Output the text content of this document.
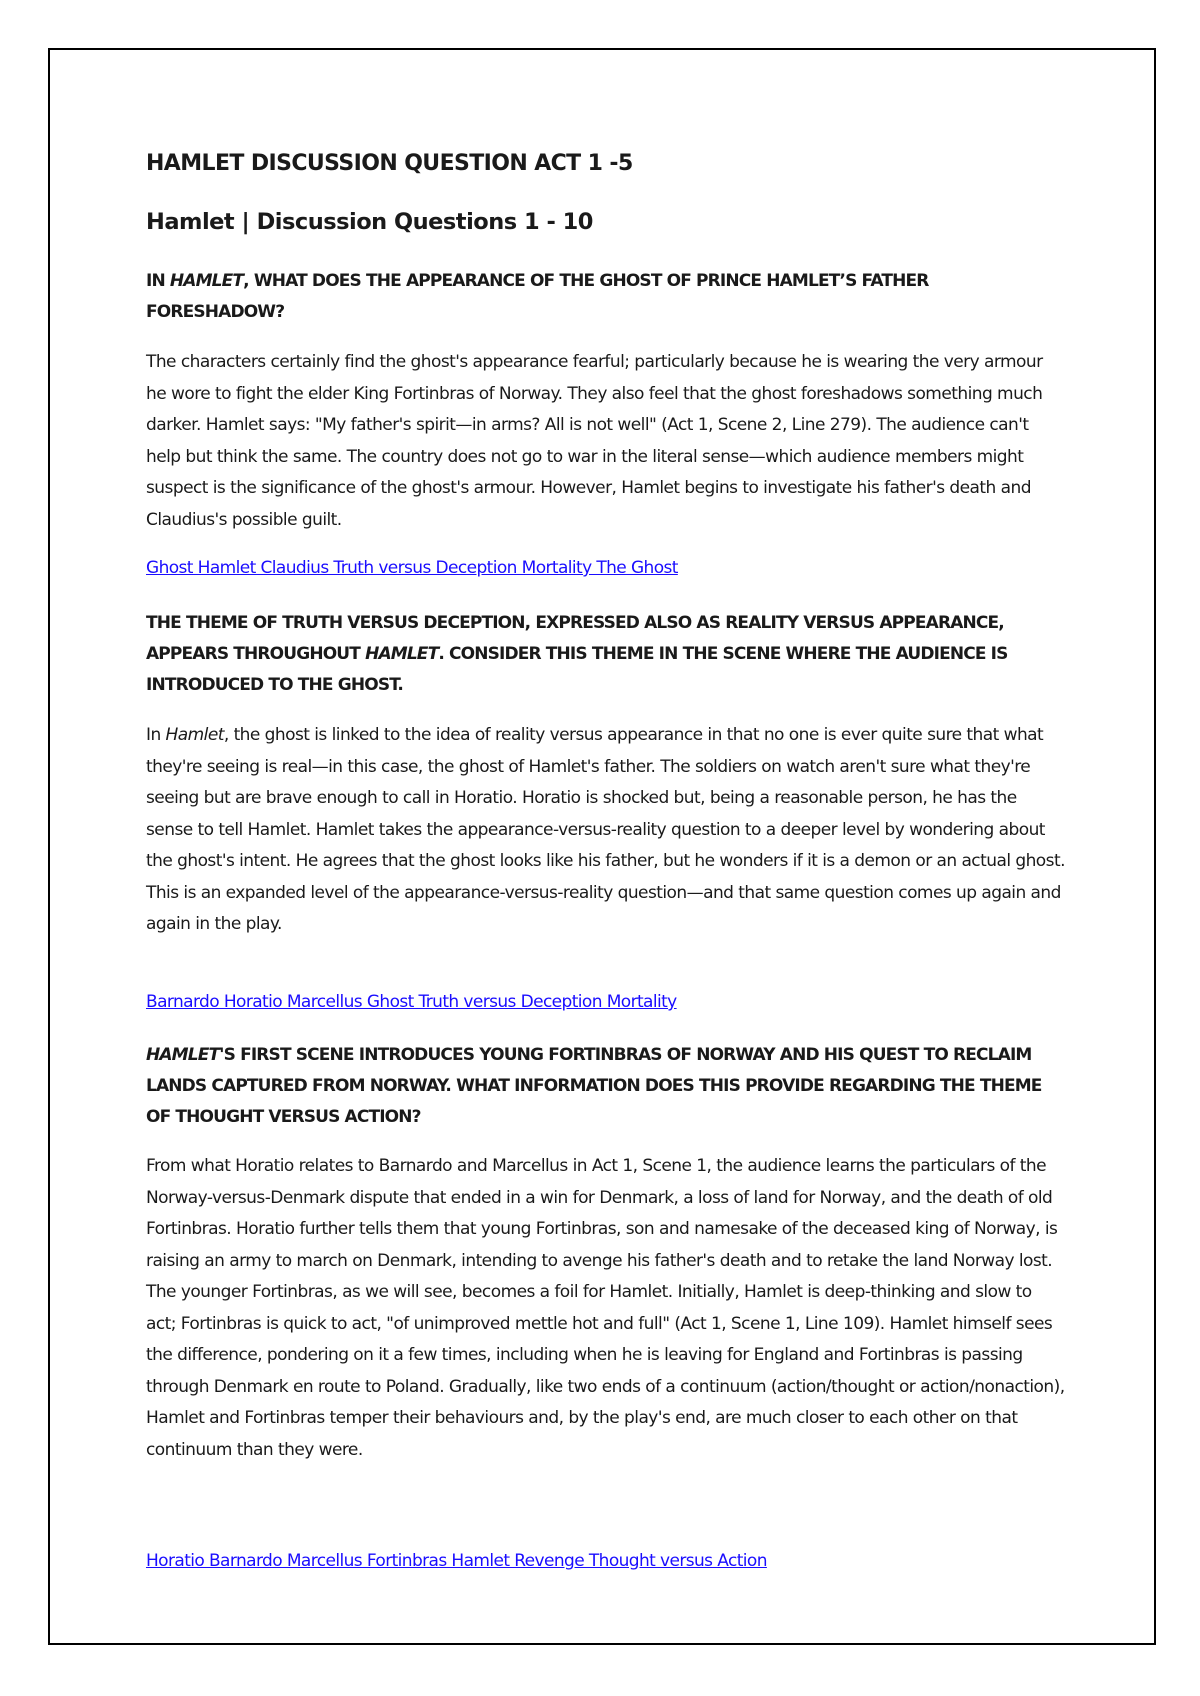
HAMLET DISCUSSION QUESTION ACT 1 -5
Hamlet | Discussion Questions 1 - 10

IN HAMLET, WHAT DOES THE APPEARANCE OF THE GHOST OF PRINCE HAMLET’S FATHER FORESHADOW?

The characters certainly find the ghost's appearance fearful; particularly because he is wearing the very armour he wore to fight the elder King Fortinbras of Norway. They also feel that the ghost foreshadows something much darker. Hamlet says: "My father's spirit—in arms? All is not well" (Act 1, Scene 2, Line 279). The audience can't help but think the same. The country does not go to war in the literal sense—which audience members might suspect is the significance of the ghost's armour. However, Hamlet begins to investigate his father's death and Claudius's possible guilt.

Ghost Hamlet Claudius Truth versus Deception Mortality The Ghost

THE THEME OF TRUTH VERSUS DECEPTION, EXPRESSED ALSO AS REALITY VERSUS APPEARANCE, APPEARS THROUGHOUT HAMLET. CONSIDER THIS THEME IN THE SCENE WHERE THE AUDIENCE IS INTRODUCED TO THE GHOST.

In Hamlet, the ghost is linked to the idea of reality versus appearance in that no one is ever quite sure that what they're seeing is real—in this case, the ghost of Hamlet's father. The soldiers on watch aren't sure what they're seeing but are brave enough to call in Horatio. Horatio is shocked but, being a reasonable person, he has the sense to tell Hamlet. Hamlet takes the appearance-versus-reality question to a deeper level by wondering about the ghost's intent. He agrees that the ghost looks like his father, but he wonders if it is a demon or an actual ghost. This is an expanded level of the appearance-versus-reality question—and that same question comes up again and again in the play.

Barnardo Horatio Marcellus Ghost Truth versus Deception Mortality

HAMLET'S FIRST SCENE INTRODUCES YOUNG FORTINBRAS OF NORWAY AND HIS QUEST TO RECLAIM LANDS CAPTURED FROM NORWAY. WHAT INFORMATION DOES THIS PROVIDE REGARDING THE THEME OF THOUGHT VERSUS ACTION?

From what Horatio relates to Barnardo and Marcellus in Act 1, Scene 1, the audience learns the particulars of the Norway-versus-Denmark dispute that ended in a win for Denmark, a loss of land for Norway, and the death of old Fortinbras. Horatio further tells them that young Fortinbras, son and namesake of the deceased king of Norway, is raising an army to march on Denmark, intending to avenge his father's death and to retake the land Norway lost. The younger Fortinbras, as we will see, becomes a foil for Hamlet. Initially, Hamlet is deep-thinking and slow to act; Fortinbras is quick to act, "of unimproved mettle hot and full" (Act 1, Scene 1, Line 109). Hamlet himself sees the difference, pondering on it a few times, including when he is leaving for England and Fortinbras is passing through Denmark en route to Poland. Gradually, like two ends of a continuum (action/thought or action/nonaction), Hamlet and Fortinbras temper their behaviours and, by the play's end, are much closer to each other on that continuum than they were.

Horatio Barnardo Marcellus Fortinbras Hamlet Revenge Thought versus Action
